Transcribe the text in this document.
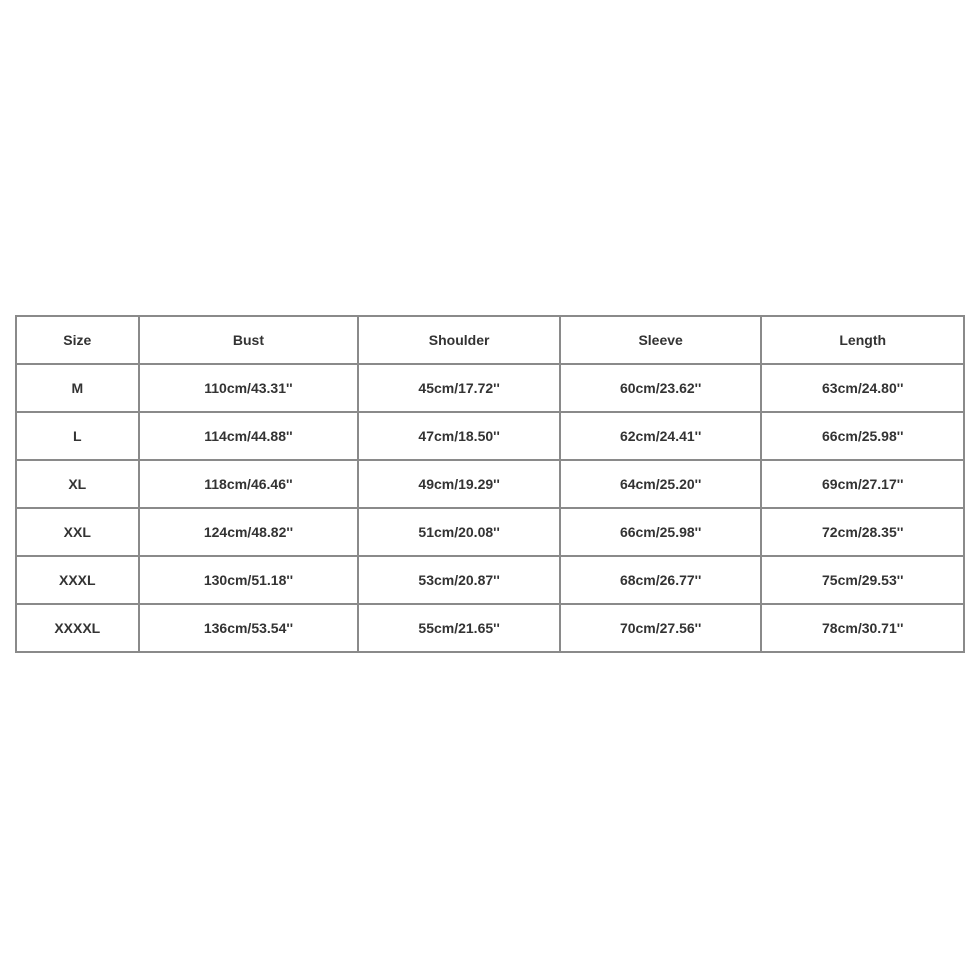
Size	Bust	Shoulder	Sleeve	Length
M	110cm/43.31''	45cm/17.72''	60cm/23.62''	63cm/24.80''
L	114cm/44.88''	47cm/18.50''	62cm/24.41''	66cm/25.98''
XL	118cm/46.46''	49cm/19.29''	64cm/25.20''	69cm/27.17''
XXL	124cm/48.82''	51cm/20.08''	66cm/25.98''	72cm/28.35''
XXXL	130cm/51.18''	53cm/20.87''	68cm/26.77''	75cm/29.53''
XXXXL	136cm/53.54''	55cm/21.65''	70cm/27.56''	78cm/30.71''
